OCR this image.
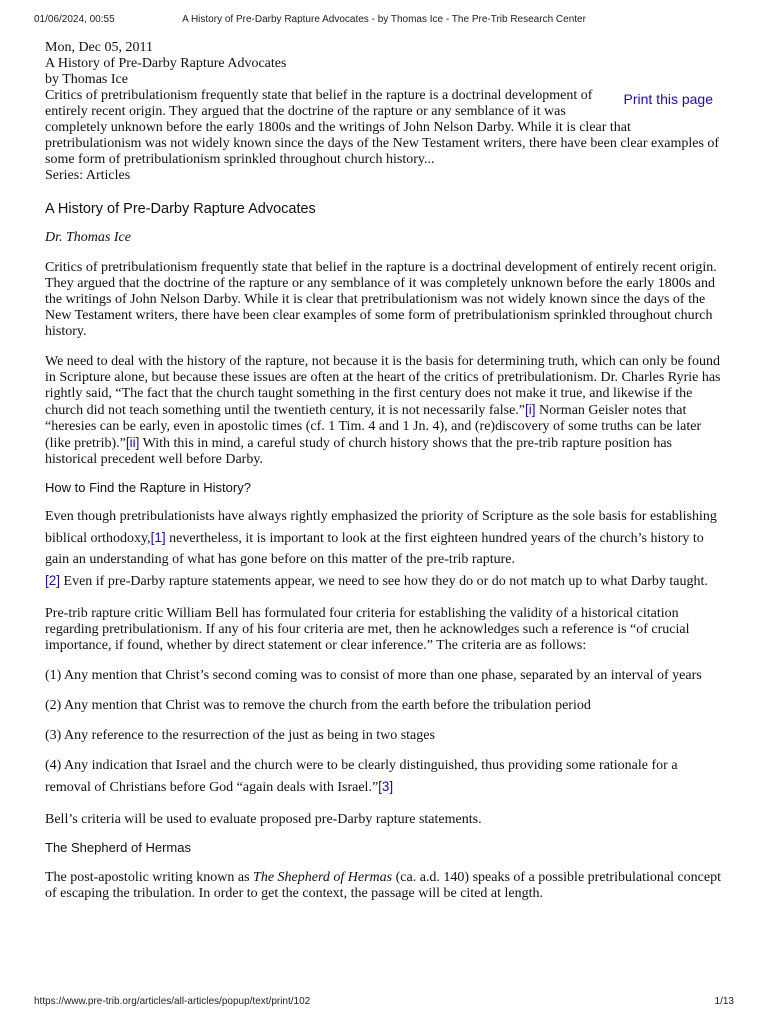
01/06/2024, 00:55	A History of Pre-Darby Rapture Advocates - by Thomas Ice - The Pre-Trib Research Center
Mon, Dec 05, 2011
A History of Pre-Darby Rapture Advocates
by Thomas Ice
Print this page
Critics of pretribulationism frequently state that belief in the rapture is a doctrinal development of entirely recent origin. They argued that the doctrine of the rapture or any semblance of it was completely unknown before the early 1800s and the writings of John Nelson Darby. While it is clear that pretribulationism was not widely known since the days of the New Testament writers, there have been clear examples of some form of pretribulationism sprinkled throughout church history...
Series: Articles
A History of Pre-Darby Rapture Advocates
Dr. Thomas Ice

Critics of pretribulationism frequently state that belief in the rapture is a doctrinal development of entirely recent origin. They argued that the doctrine of the rapture or any semblance of it was completely unknown before the early 1800s and the writings of John Nelson Darby. While it is clear that pretribulationism was not widely known since the days of the New Testament writers, there have been clear examples of some form of pretribulationism sprinkled throughout church history.

We need to deal with the history of the rapture, not because it is the basis for determining truth, which can only be found in Scripture alone, but because these issues are often at the heart of the critics of pretribulationism. Dr. Charles Ryrie has rightly said, “The fact that the church taught something in the first century does not make it true, and likewise if the church did not teach something until the twentieth century, it is not necessarily false.”[i] Norman Geisler notes that “heresies can be early, even in apostolic times (cf. 1 Tim. 4 and 1 Jn. 4), and (re)discovery of some truths can be later (like pretrib).”[ii] With this in mind, a careful study of church history shows that the pre-trib rapture position has historical precedent well before Darby.

How to Find the Rapture in History?

Even though pretribulationists have always rightly emphasized the priority of Scripture as the sole basis for establishing biblical orthodoxy,[1] nevertheless, it is important to look at the first eighteen hundred years of the church’s history to gain an understanding of what has gone before on this matter of the pre-trib rapture.
[2] Even if pre-Darby rapture statements appear, we need to see how they do or do not match up to what Darby taught.

Pre-trib rapture critic William Bell has formulated four criteria for establishing the validity of a historical citation regarding pretribulationism. If any of his four criteria are met, then he acknowledges such a reference is “of crucial importance, if found, whether by direct statement or clear inference.” The criteria are as follows:

(1) Any mention that Christ’s second coming was to consist of more than one phase, separated by an interval of years

(2) Any mention that Christ was to remove the church from the earth before the tribulation period

(3) Any reference to the resurrection of the just as being in two stages

(4) Any indication that Israel and the church were to be clearly distinguished, thus providing some rationale for a removal of Christians before God “again deals with Israel.”[3]

Bell’s criteria will be used to evaluate proposed pre-Darby rapture statements.

The Shepherd of Hermas

The post-apostolic writing known as The Shepherd of Hermas (ca. a.d. 140) speaks of a possible pretribulational concept of escaping the tribulation. In order to get the context, the passage will be cited at length.

https://www.pre-trib.org/articles/all-articles/popup/text/print/102	1/13
